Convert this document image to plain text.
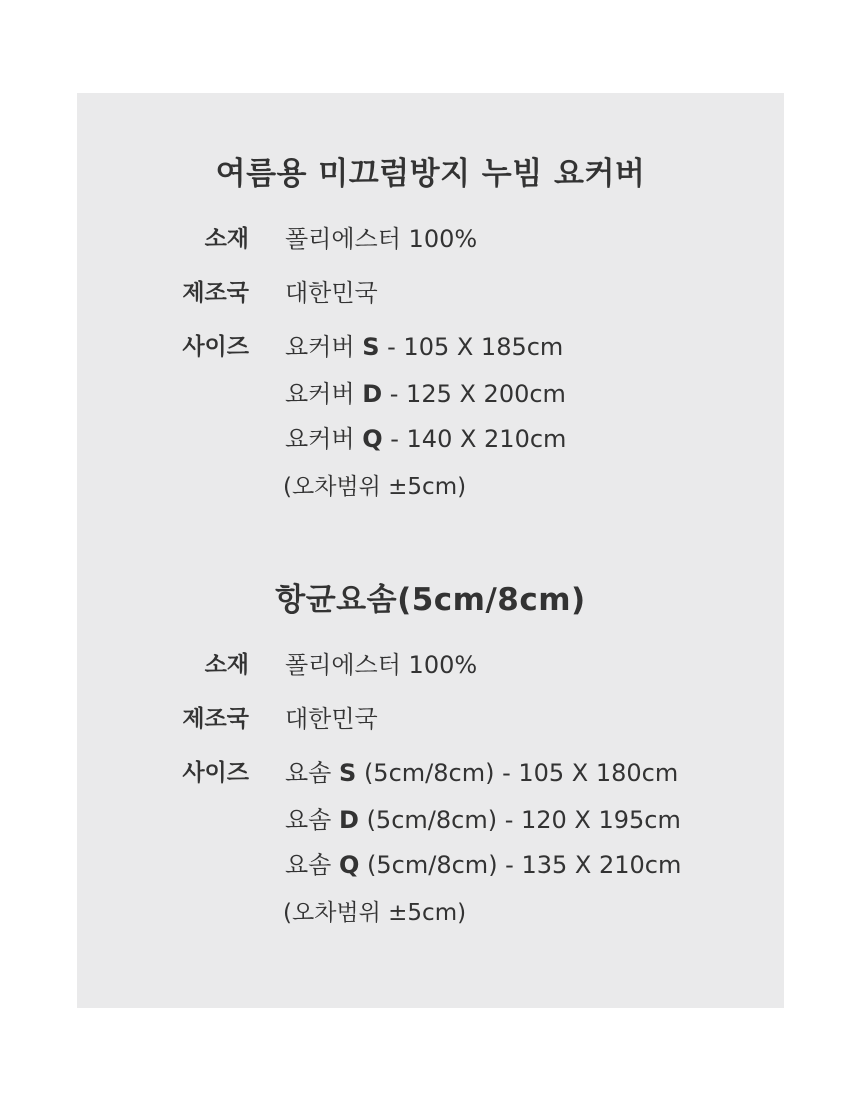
여름용 미끄럼방지 누빔 요커버
소재 폴리에스터 100%
제조국 대한민국
사이즈 요커버 S - 105 X 185cm
요커버 D - 125 X 200cm
요커버 Q - 140 X 210cm
(오차범위 ±5cm)
항균요솜(5cm/8cm)
소재 폴리에스터 100%
제조국 대한민국
사이즈 요솜 S (5cm/8cm) - 105 X 180cm
요솜 D (5cm/8cm) - 120 X 195cm
요솜 Q (5cm/8cm) - 135 X 210cm
(오차범위 ±5cm)
